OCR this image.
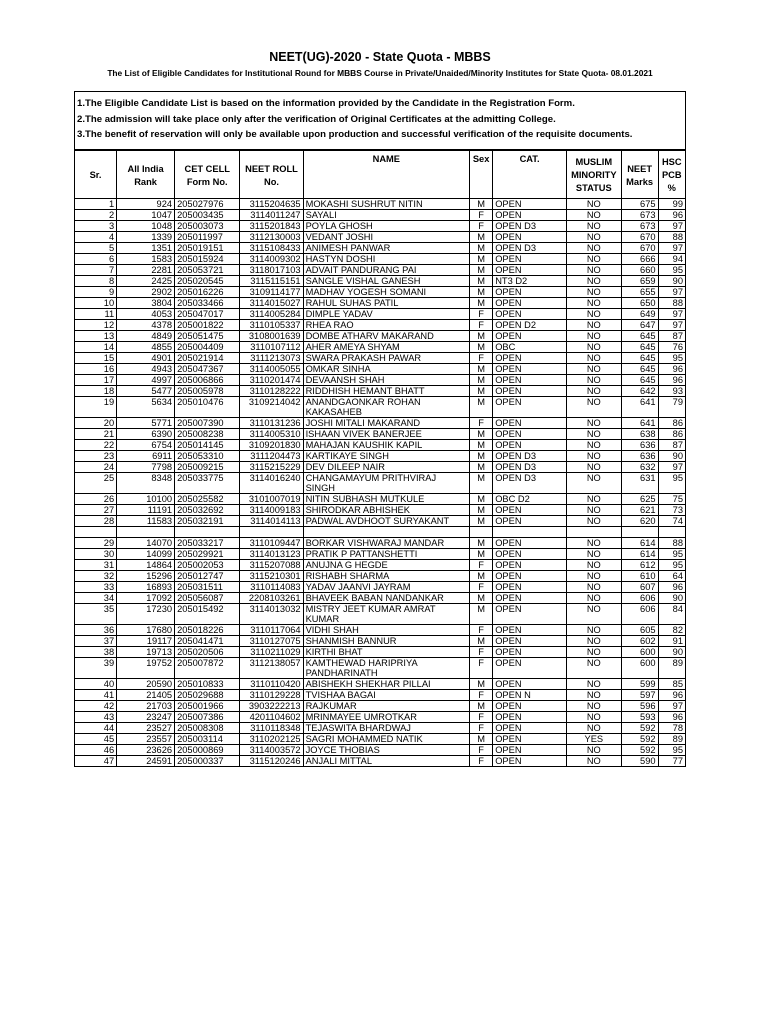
NEET(UG)-2020 - State Quota - MBBS
The List of Eligible Candidates for Institutional Round for MBBS Course in Private/Unaided/Minority Institutes for State Quota- 08.01.2021
1.The Eligible Candidate List is based on the information provided by the Candidate in the Registration Form.
2.The admission will take place only after the verification of Original Certificates at the admitting College.
3.The benefit of reservation will only be available upon production and successful verification of the requisite documents.
Sr.	All India Rank	CET CELL Form No.	NEET ROLL No.	NAME	Sex	CAT.	MUSLIM MINORITY STATUS	NEET Marks	HSC PCB %
1	924	205027976	3115204635	MOKASHI SUSHRUT NITIN	M	OPEN	NO	675	99
2	1047	205003435	3114011247	SAYALI	F	OPEN	NO	673	96
3	1048	205003073	3115201843	POYLA GHOSH	F	OPEN D3	NO	673	97
4	1339	205011997	3112130003	VEDANT JOSHI	M	OPEN	NO	670	88
5	1351	205019151	3115108433	ANIMESH PANWAR	M	OPEN D3	NO	670	97
6	1583	205015924	3114009302	HASTYN DOSHI	M	OPEN	NO	666	94
7	2281	205053721	3118017103	ADVAIT PANDURANG PAI	M	OPEN	NO	660	95
8	2425	205020545	3115115151	SANGLE VISHAL GANESH	M	NT3 D2	NO	659	90
9	2902	205016226	3109114177	MADHAV YOGESH SOMANI	M	OPEN	NO	655	97
10	3804	205033466	3114015027	RAHUL SUHAS PATIL	M	OPEN	NO	650	88
11	4053	205047017	3114005284	DIMPLE YADAV	F	OPEN	NO	649	97
12	4378	205001822	3110105337	RHEA RAO	F	OPEN D2	NO	647	97
13	4849	205051475	3108001639	DOMBE ATHARV MAKARAND	M	OPEN	NO	645	87
14	4855	205004409	3110107112	AHER AMEYA SHYAM	M	OBC	NO	645	76
15	4901	205021914	3111213073	SWARA PRAKASH PAWAR	F	OPEN	NO	645	95
16	4943	205047367	3114005055	OMKAR SINHA	M	OPEN	NO	645	96
17	4997	205006866	3110201474	DEVAANSH SHAH	M	OPEN	NO	645	96
18	5477	205005978	3110128222	RIDDHISH HEMANT BHATT	M	OPEN	NO	642	93
19	5634	205010476	3109214042	ANANDGAONKAR ROHAN KAKASAHEB	M	OPEN	NO	641	79
20	5771	205007390	3110131236	JOSHI MITALI MAKARAND	F	OPEN	NO	641	86
21	6390	205008238	3114005310	ISHAAN VIVEK BANERJEE	M	OPEN	NO	638	86
22	6754	205014145	3109201830	MAHAJAN KAUSHIK KAPIL	M	OPEN	NO	636	87
23	6911	205053310	3111204473	KARTIKAYE SINGH	M	OPEN D3	NO	636	90
24	7798	205009215	3115215229	DEV DILEEP NAIR	M	OPEN D3	NO	632	97
25	8348	205033775	3114016240	CHANGAMAYUM PRITHVIRAJ SINGH	M	OPEN D3	NO	631	95
26	10100	205025582	3101007019	NITIN SUBHASH MUTKULE	M	OBC D2	NO	625	75
27	11191	205032692	3114009183	SHIRODKAR ABHISHEK	M	OPEN	NO	621	73
28	11583	205032191	3114014113	PADWAL AVDHOOT SURYAKANT	M	OPEN	NO	620	74

29	14070	205033217	3110109447	BORKAR VISHWARAJ MANDAR	M	OPEN	NO	614	88
30	14099	205029921	3114013123	PRATIK P PATTANSHETTI	M	OPEN	NO	614	95
31	14864	205002053	3115207088	ANUJNA G HEGDE	F	OPEN	NO	612	95
32	15296	205012747	3115210301	RISHABH SHARMA	M	OPEN	NO	610	64
33	16893	205031511	3110114083	YADAV JAANVI JAYRAM	F	OPEN	NO	607	96
34	17092	205056087	2208103261	BHAVEEK BABAN NANDANKAR	M	OPEN	NO	606	90
35	17230	205015492	3114013032	MISTRY JEET KUMAR AMRAT KUMAR	M	OPEN	NO	606	84
36	17680	205018226	3110117064	VIDHI SHAH	F	OPEN	NO	605	82
37	19117	205041471	3110127075	SHANMISH BANNUR	M	OPEN	NO	602	91
38	19713	205020506	3110211029	KIRTHI BHAT	F	OPEN	NO	600	90
39	19752	205007872	3112138057	KAMTHEWAD HARIPRIYA PANDHARINATH	F	OPEN	NO	600	89
40	20590	205010833	3110110420	ABISHEKH SHEKHAR PILLAI	M	OPEN	NO	599	85
41	21405	205029688	3110129228	TVISHAA BAGAI	F	OPEN N	NO	597	96
42	21703	205001966	3903222213	RAJKUMAR	M	OPEN	NO	596	97
43	23247	205007386	4201104602	MRINMAYEE UMROTKAR	F	OPEN	NO	593	96
44	23527	205008308	3110118348	TEJASWITA BHARDWAJ	F	OPEN	NO	592	78
45	23557	205003114	3110202125	SAGRI MOHAMMED NATIK	M	OPEN	YES	592	89
46	23626	205000869	3114003572	JOYCE THOBIAS	F	OPEN	NO	592	95
47	24591	205000337	3115120246	ANJALI MITTAL	F	OPEN	NO	590	77
